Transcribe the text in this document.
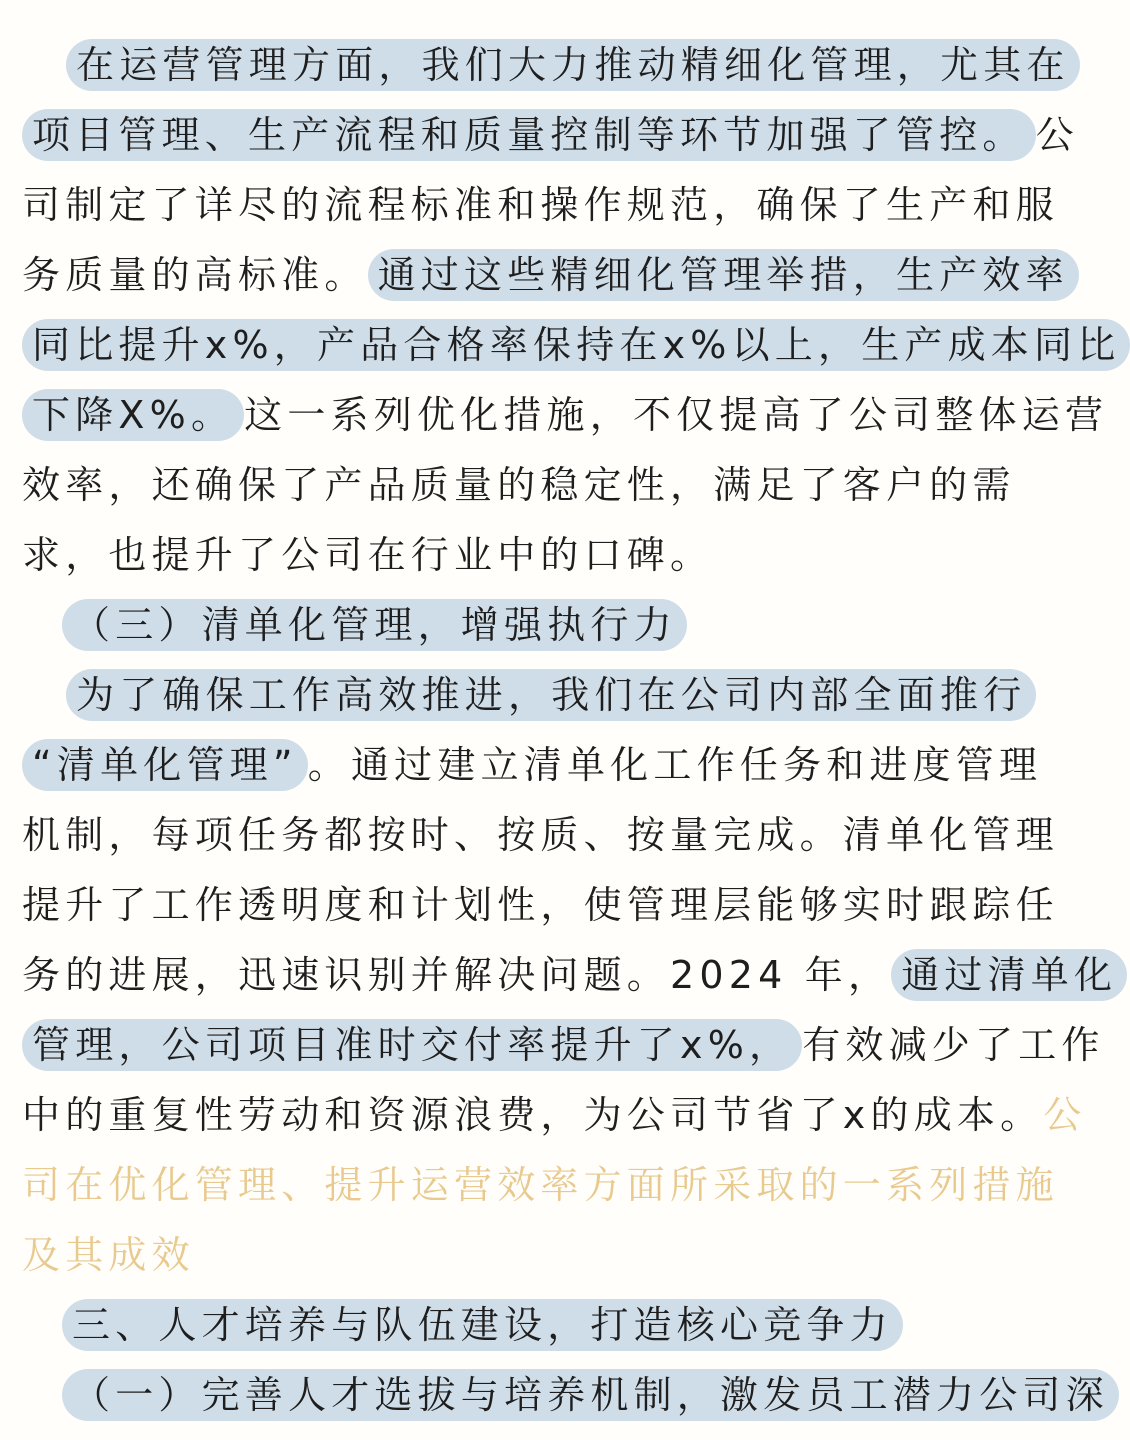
在运营管理方面，我们大力推动精细化管理，尤其在
项目管理、生产流程和质量控制等环节加强了管控。 公
司制定了详尽的流程标准和操作规范，确保了生产和服
务质量的高标准。 通过这些精细化管理举措，生产效率
同比提升x%，产品合格率保持在x%以上，生产成本同比
下降X%。 这一系列优化措施，不仅提高了公司整体运营
效率，还确保了产品质量的稳定性，满足了客户的需
求，也提升了公司在行业中的口碑。
（三）清单化管理，增强执行力
为了确保工作高效推进，我们在公司内部全面推行
“清单化管理” 。通过建立清单化工作任务和进度管理
机制，每项任务都按时、按质、按量完成。清单化管理
提升了工作透明度和计划性，使管理层能够实时跟踪任
务的进展，迅速识别并解决问题。2024 年， 通过清单化
管理，公司项目准时交付率提升了x%， 有效减少了工作
中的重复性劳动和资源浪费，为公司节省了x的成本。公
司在优化管理、提升运营效率方面所采取的一系列措施
及其成效
三、人才培养与队伍建设，打造核心竞争力
（一）完善人才选拔与培养机制，激发员工潜力公司深
